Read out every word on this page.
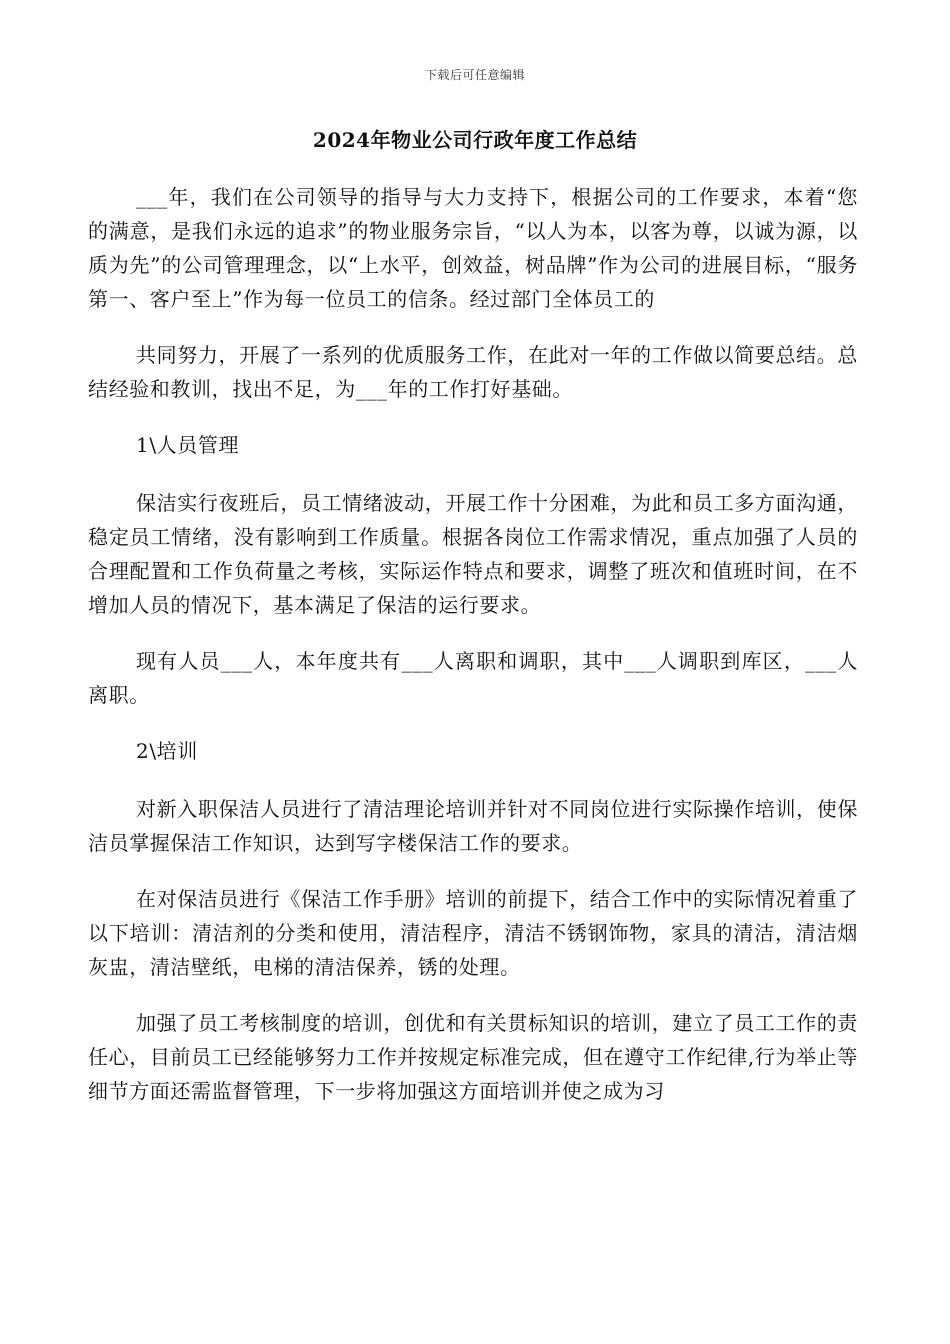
下载后可任意编辑
2024年物业公司行政年度工作总结

___年，我们在公司领导的指导与大力支持下，根据公司的工作要求，本着“您的满意，是我们永远的追求”的物业服务宗旨，“以人为本，以客为尊，以诚为源，以质为先”的公司管理理念，以“上水平，创效益，树品牌”作为公司的进展目标，“服务第一、客户至上”作为每一位员工的信条。经过部门全体员工的

共同努力，开展了一系列的优质服务工作，在此对一年的工作做以简要总结。总结经验和教训，找出不足，为___年的工作打好基础。

1\人员管理

保洁实行夜班后，员工情绪波动，开展工作十分困难，为此和员工多方面沟通，稳定员工情绪，没有影响到工作质量。根据各岗位工作需求情况，重点加强了人员的合理配置和工作负荷量之考核，实际运作特点和要求，调整了班次和值班时间，在不增加人员的情况下，基本满足了保洁的运行要求。

现有人员___人，本年度共有___人离职和调职，其中___人调职到库区，___人离职。

2\培训

对新入职保洁人员进行了清洁理论培训并针对不同岗位进行实际操作培训，使保洁员掌握保洁工作知识，达到写字楼保洁工作的要求。

在对保洁员进行《保洁工作手册》培训的前提下，结合工作中的实际情况着重了以下培训：清洁剂的分类和使用，清洁程序，清洁不锈钢饰物，家具的清洁，清洁烟灰盅，清洁壁纸，电梯的清洁保养，锈的处理。

加强了员工考核制度的培训，创优和有关贯标知识的培训，建立了员工工作的责任心，目前员工已经能够努力工作并按规定标准完成，但在遵守工作纪律,行为举止等细节方面还需监督管理，下一步将加强这方面培训并使之成为习
